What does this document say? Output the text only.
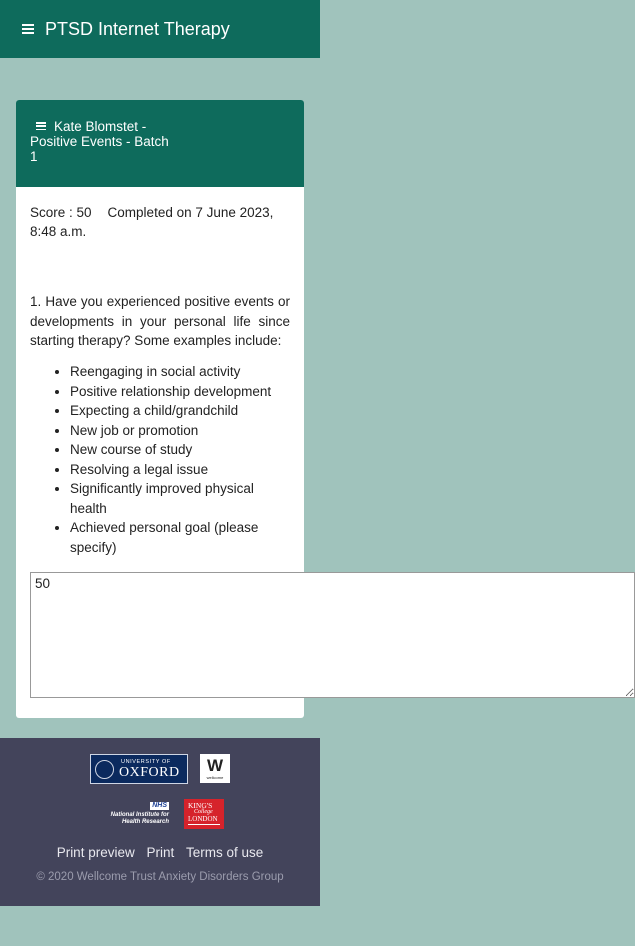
PTSD Internet Therapy
Kate Blomstet - Positive Events - Batch 1
Score : 50 Completed on 7 June 2023, 8:48 a.m.
1. Have you experienced positive events or developments in your personal life since starting therapy? Some examples include:
• Reengaging in social activity
• Positive relationship development
• Expecting a child/grandchild
• New job or promotion
• New course of study
• Resolving a legal issue
• Significantly improved physical health
• Achieved personal goal (please specify)
50
UNIVERSITY OF
OXFORD	W
wellcome
NHS
National Institute for
Health Research
KING'S
College
LONDON
Print preview Print Terms of use
© 2020 Wellcome Trust Anxiety Disorders Group
